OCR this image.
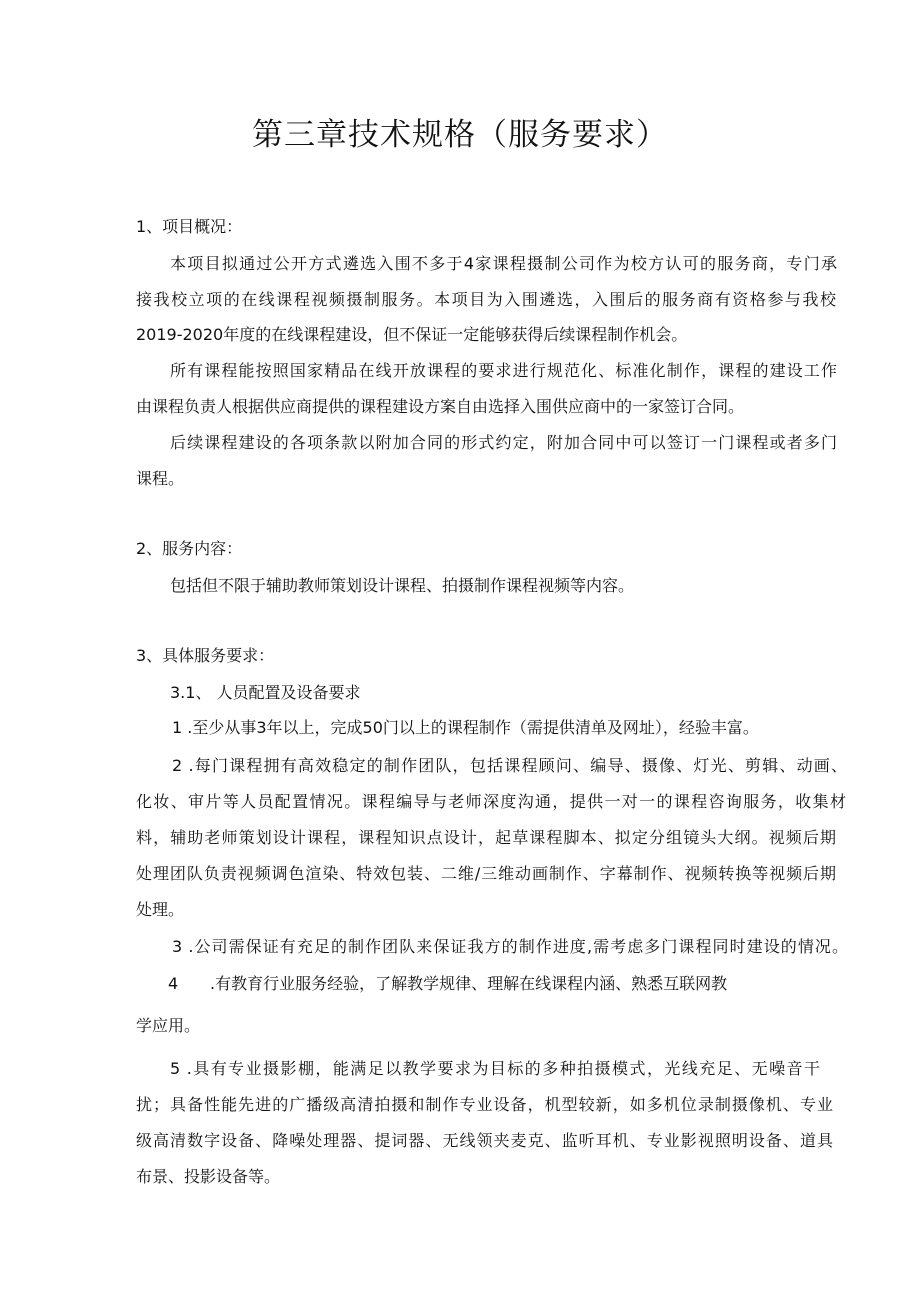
第三章技术规格（服务要求）

1、项目概况：

本项目拟通过公开方式遴选入围不多于4家课程摄制公司作为校方认可的服务商，专门承

接我校立项的在线课程视频摄制服务。本项目为入围遴选，入围后的服务商有资格参与我校

2019-2020年度的在线课程建设，但不保证一定能够获得后续课程制作机会。

所有课程能按照国家精品在线开放课程的要求进行规范化、标准化制作，课程的建设工作

由课程负责人根据供应商提供的课程建设方案自由选择入围供应商中的一家签订合同。

后续课程建设的各项条款以附加合同的形式约定，附加合同中可以签订一门课程或者多门

课程。

2、服务内容：

包括但不限于辅助教师策划设计课程、拍摄制作课程视频等内容。

3、具体服务要求：

3.1、 人员配置及设备要求

1 .至少从事3年以上，完成50门以上的课程制作（需提供清单及网址），经验丰富。

2 .每门课程拥有高效稳定的制作团队，包括课程顾问、编导、摄像、灯光、剪辑、动画、

化妆、审片等人员配置情况。课程编导与老师深度沟通，提供一对一的课程咨询服务，收集材

料，辅助老师策划设计课程，课程知识点设计，起草课程脚本、拟定分组镜头大纲。视频后期

处理团队负责视频调色渲染、特效包装、二维/三维动画制作、字幕制作、视频转换等视频后期

处理。

3 .公司需保证有充足的制作团队来保证我方的制作进度,需考虑多门课程同时建设的情况。

4 .有教育行业服务经验，了解教学规律、理解在线课程内涵、熟悉互联网教

学应用。

5 .具有专业摄影棚，能满足以教学要求为目标的多种拍摄模式，光线充足、无噪音干

扰；具备性能先进的广播级高清拍摄和制作专业设备，机型较新，如多机位录制摄像机、专业

级高清数字设备、降噪处理器、提词器、无线领夹麦克、监听耳机、专业影视照明设备、道具

布景、投影设备等。
